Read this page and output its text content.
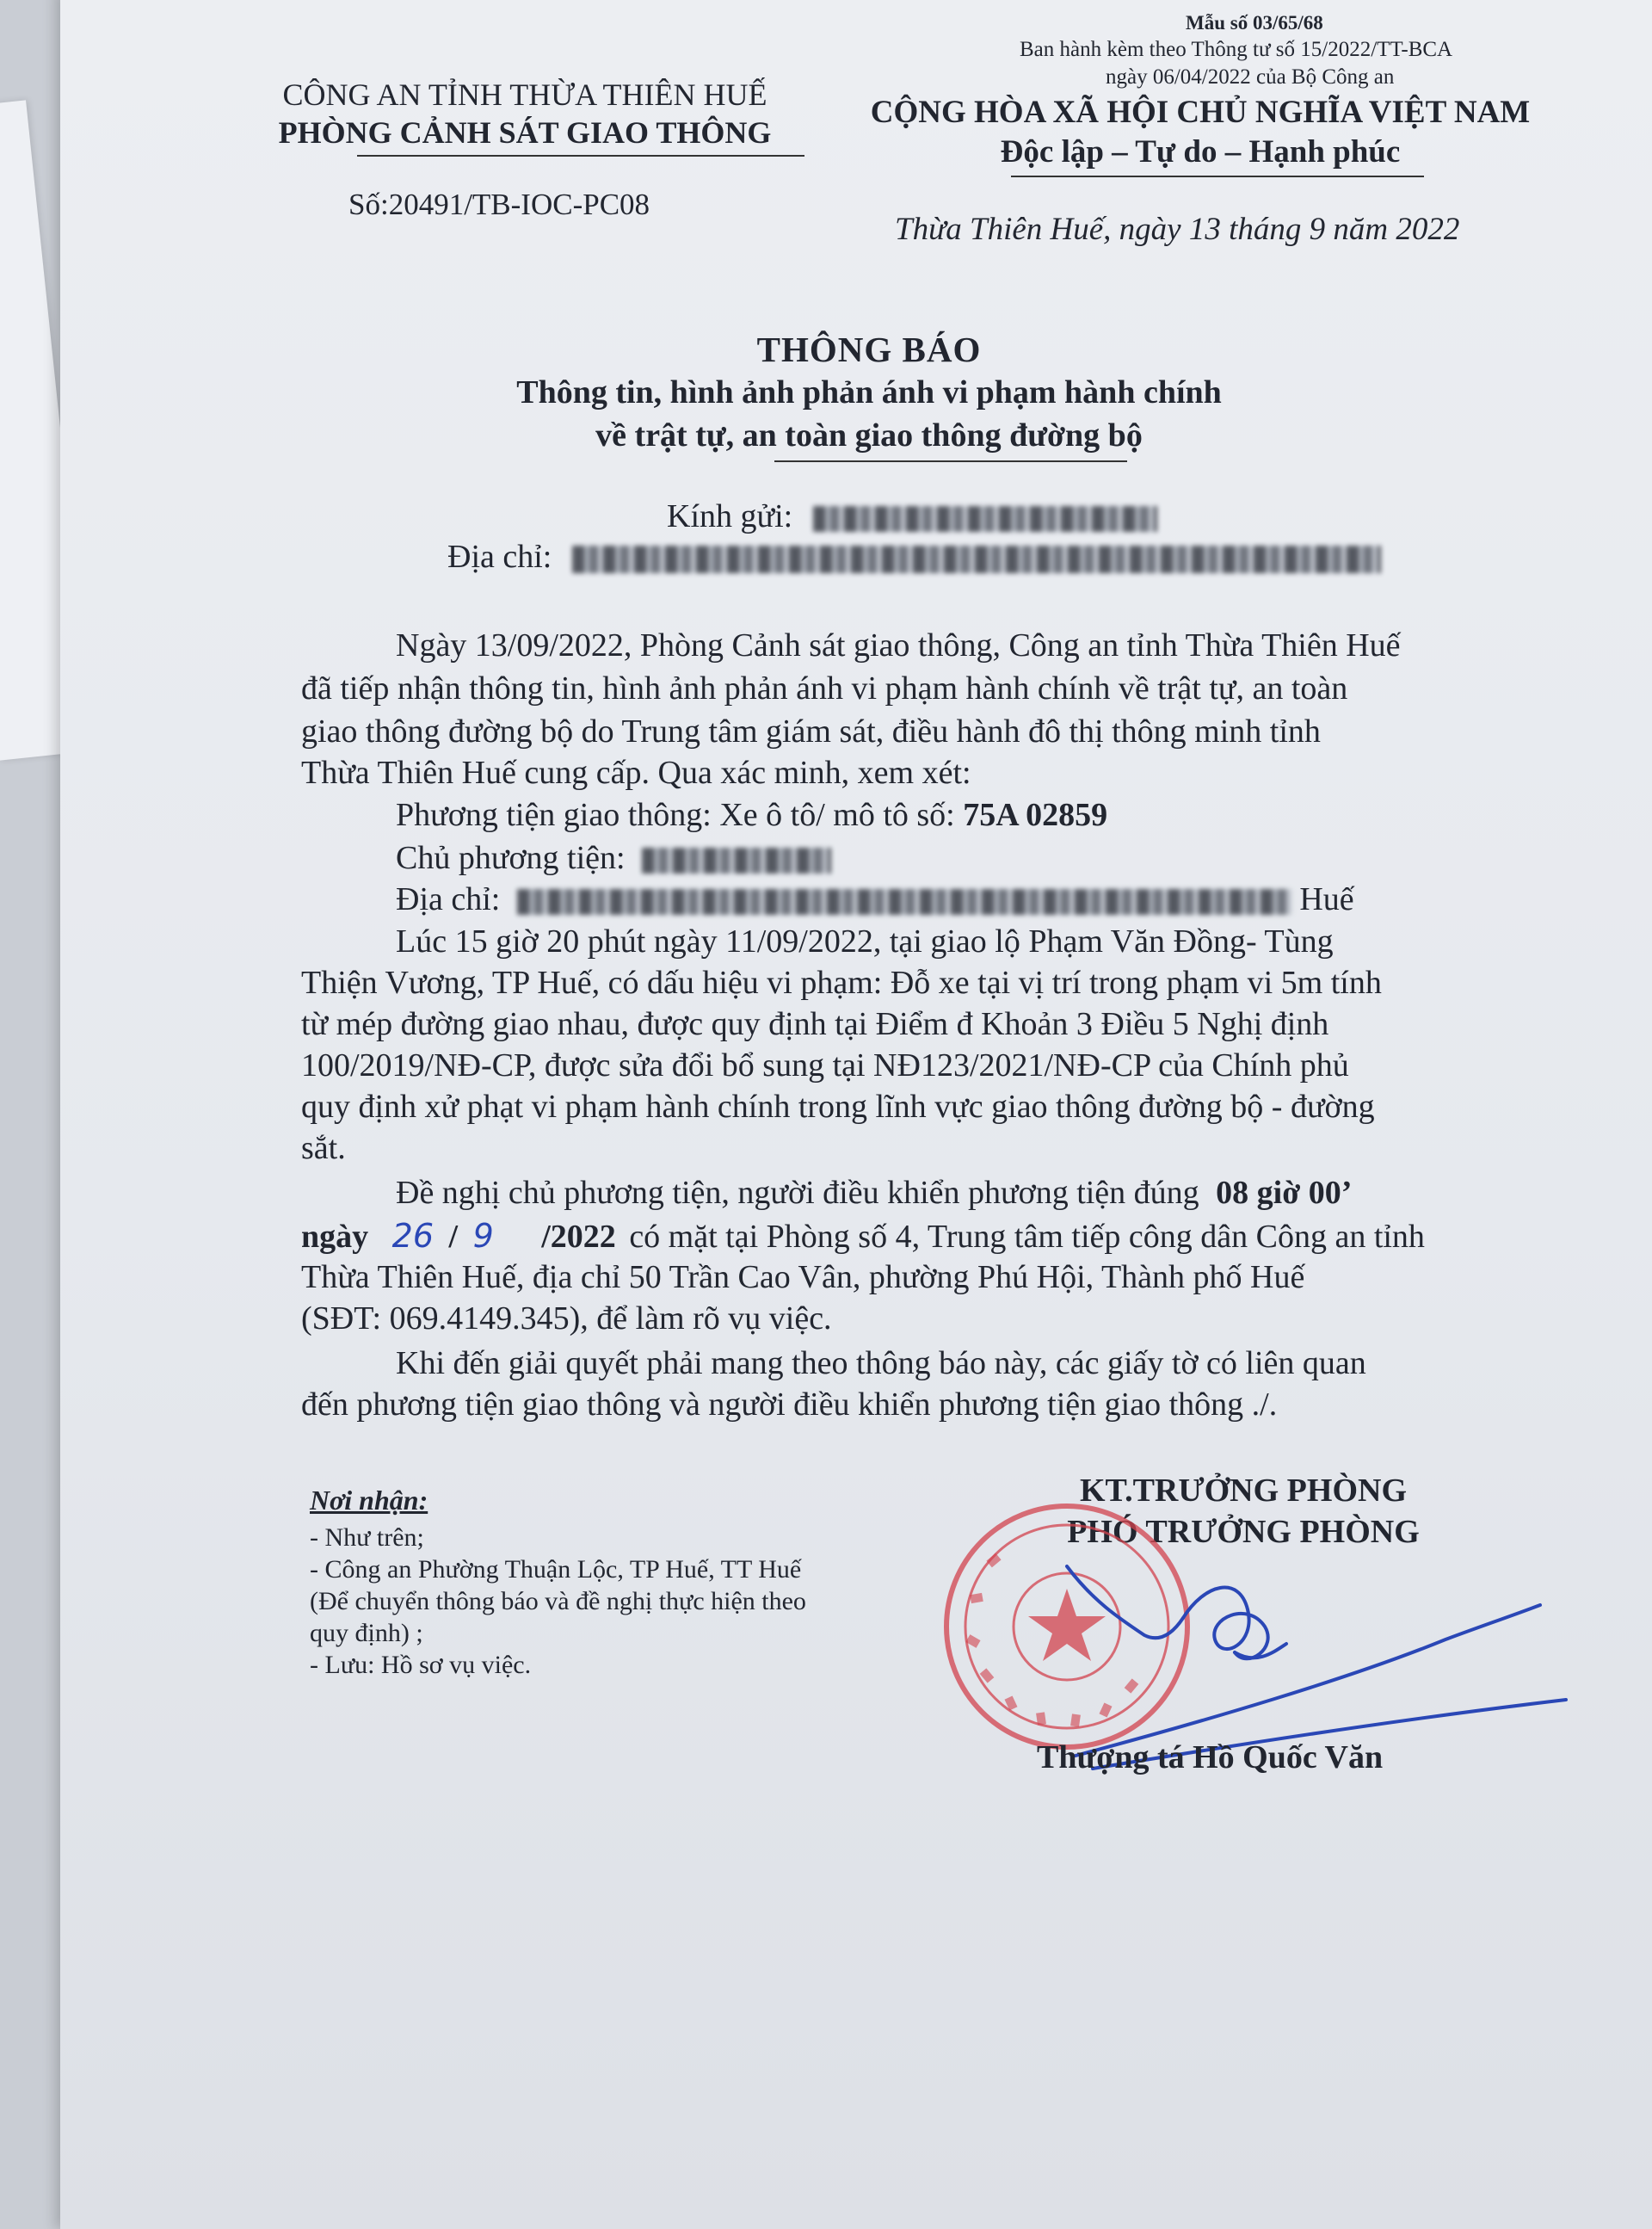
Mẫu số 03/65/68
Ban hành kèm theo Thông tư số 15/2022/TT-BCA
ngày 06/04/2022 của Bộ Công an
CÔNG AN TỈNH THỪA THIÊN HUẾ
PHÒNG CẢNH SÁT GIAO THÔNG
CỘNG HÒA XÃ HỘI CHỦ NGHĨA VIỆT NAM
Độc lập – Tự do – Hạnh phúc
Số:20491/TB-IOC-PC08
Thừa Thiên Huế, ngày 13 tháng 9 năm 2022
THÔNG BÁO
Thông tin, hình ảnh phản ánh vi phạm hành chính
về trật tự, an toàn giao thông đường bộ
Kính gửi:
Địa chỉ:
Ngày 13/09/2022, Phòng Cảnh sát giao thông, Công an tỉnh Thừa Thiên Huế
đã tiếp nhận thông tin, hình ảnh phản ánh vi phạm hành chính về trật tự, an toàn
giao thông đường bộ do Trung tâm giám sát, điều hành đô thị thông minh tỉnh
Thừa Thiên Huế cung cấp. Qua xác minh, xem xét:
Phương tiện giao thông: Xe ô tô/ mô tô số: 75A 02859
Chủ phương tiện:
Địa chỉ:	Huế
Lúc 15 giờ 20 phút ngày 11/09/2022, tại giao lộ Phạm Văn Đồng- Tùng
Thiện Vương, TP Huế, có dấu hiệu vi phạm: Đỗ xe tại vị trí trong phạm vi 5m tính
từ mép đường giao nhau, được quy định tại Điểm đ Khoản 3 Điều 5 Nghị định
100/2019/NĐ-CP, được sửa đổi bổ sung tại NĐ123/2021/NĐ-CP của Chính phủ
quy định xử phạt vi phạm hành chính trong lĩnh vực giao thông đường bộ - đường
sắt.
Đề nghị chủ phương tiện, người điều khiển phương tiện đúng 08 giờ 00’
ngày 26 / 9 /2022 có mặt tại Phòng số 4, Trung tâm tiếp công dân Công an tỉnh
Thừa Thiên Huế, địa chỉ 50 Trần Cao Vân, phường Phú Hội, Thành phố Huế
(SĐT: 069.4149.345), để làm rõ vụ việc.
Khi đến giải quyết phải mang theo thông báo này, các giấy tờ có liên quan
đến phương tiện giao thông và người điều khiển phương tiện giao thông ./.
Nơi nhận:
- Như trên;
- Công an Phường Thuận Lộc, TP Huế, TT Huế
(Để chuyển thông báo và đề nghị thực hiện theo
quy định) ;
- Lưu: Hồ sơ vụ việc.
KT.TRƯỞNG PHÒNG
PHÓ TRƯỞNG PHÒNG
Thượng tá Hồ Quốc Văn
